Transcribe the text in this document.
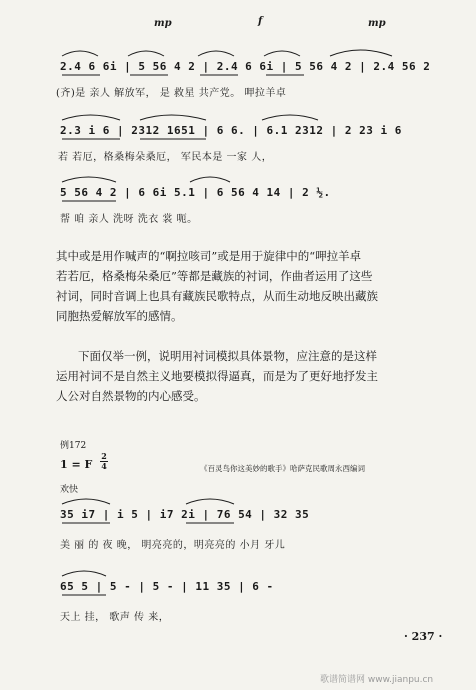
mp	f	mp
2.4 6 6i | 5 56 4 2 | 2.4 6 6i | 5 56 4 2 | 2.4 56 2
(齐)是 亲人 解放军， 是 救星 共产党。 呷拉羊卓
2.3 i 6 | 2312 1651 | 6 6. | 6.1 2312 | 2 23 i 6
若 若厄，格桑梅朵桑厄， 军民本是 一家 人，
5 56 4 2 | 6 6i 5.1 | 6 56 4 14 | 2 ½.
帮 咱 亲人 洗呀 洗衣 裳 呃。
其中或是用作喊声的“啊拉咳司”或是用于旋律中的“呷拉羊卓
若若厄，格桑梅朵桑厄”等都是藏族的衬词，作曲者运用了这些
衬词，同时音调上也具有藏族民歌特点，从而生动地反映出藏族
同胞热爱解放军的感情。
下面仅举一例，说明用衬词模拟具体景物，应注意的是这样
运用衬词不是自然主义地要模拟得逼真，而是为了更好地抒发主
人公对自然景物的内心感受。
例172
1 = F
2
4	《百灵鸟你这美妙的歌手》哈萨克民歌周永西编词
欢快
35 i7 | i 5 | i7 2i | 76 54 | 32 35
美 丽 的 夜 晚， 明亮亮的，明亮亮的 小月 牙儿
65 5 | 5 - | 5 - | 11 35 | 6 -
天上 挂， 歌声 传 来，
· 237 ·
歌谱简谱网 www.jianpu.cn
